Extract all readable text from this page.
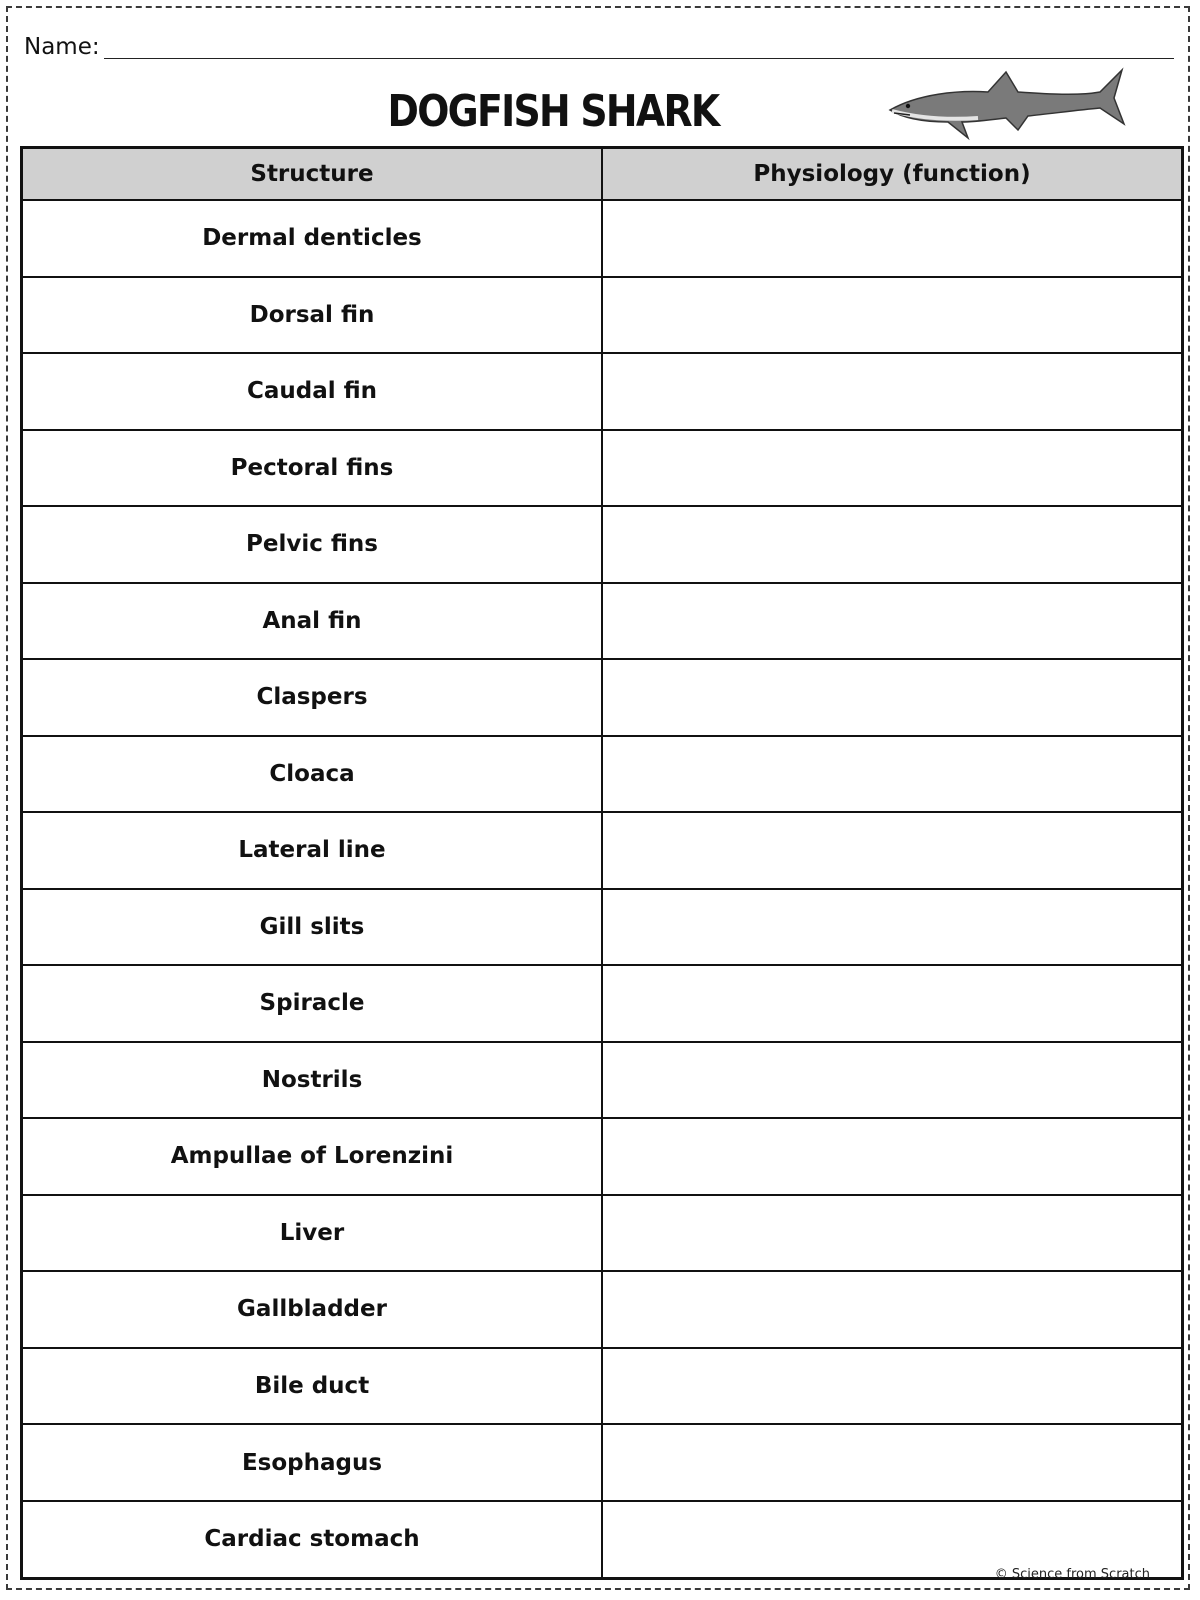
Name:
DOGFISH SHARK
Structure	Physiology (function)
Dermal denticles	
Dorsal fin	
Caudal fin	
Pectoral fins	
Pelvic fins	
Anal fin	
Claspers	
Cloaca	
Lateral line	
Gill slits	
Spiracle	
Nostrils	
Ampullae of Lorenzini	
Liver	
Gallbladder	
Bile duct	
Esophagus	
Cardiac stomach	
© Science from Scratch
